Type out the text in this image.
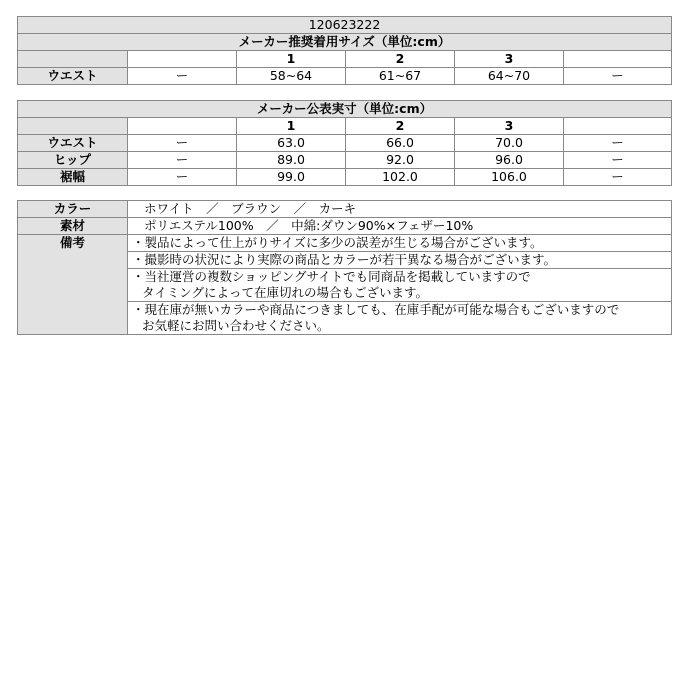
120623222					
メーカー推奨着用サイズ（単位:cm）					
		1	2	3	
ウエスト	ー	58~64	61~67	64~70	ー
メーカー公表実寸（単位:cm）					
		1	2	3	
ウエスト	ー	63.0	66.0	70.0	ー
ヒップ	ー	89.0	92.0	96.0	ー
裾幅	ー	99.0	102.0	106.0	ー
カラー	ホワイト　／　ブラウン　／　カーキ
素材	ポリエステル100%　／　中綿:ダウン90%×フェザー10%
備考	・製品によって仕上がりサイズに多少の誤差が生じる場合がございます。

	・撮影時の状況により実際の商品とカラーが若干異なる場合がございます。

	・当社運営の複数ショッピングサイトでも同商品を掲載していますので
タイミングによって在庫切れの場合もございます。

	・現在庫が無いカラーや商品につきましても、在庫手配が可能な場合もございますので
お気軽にお問い合わせください。
